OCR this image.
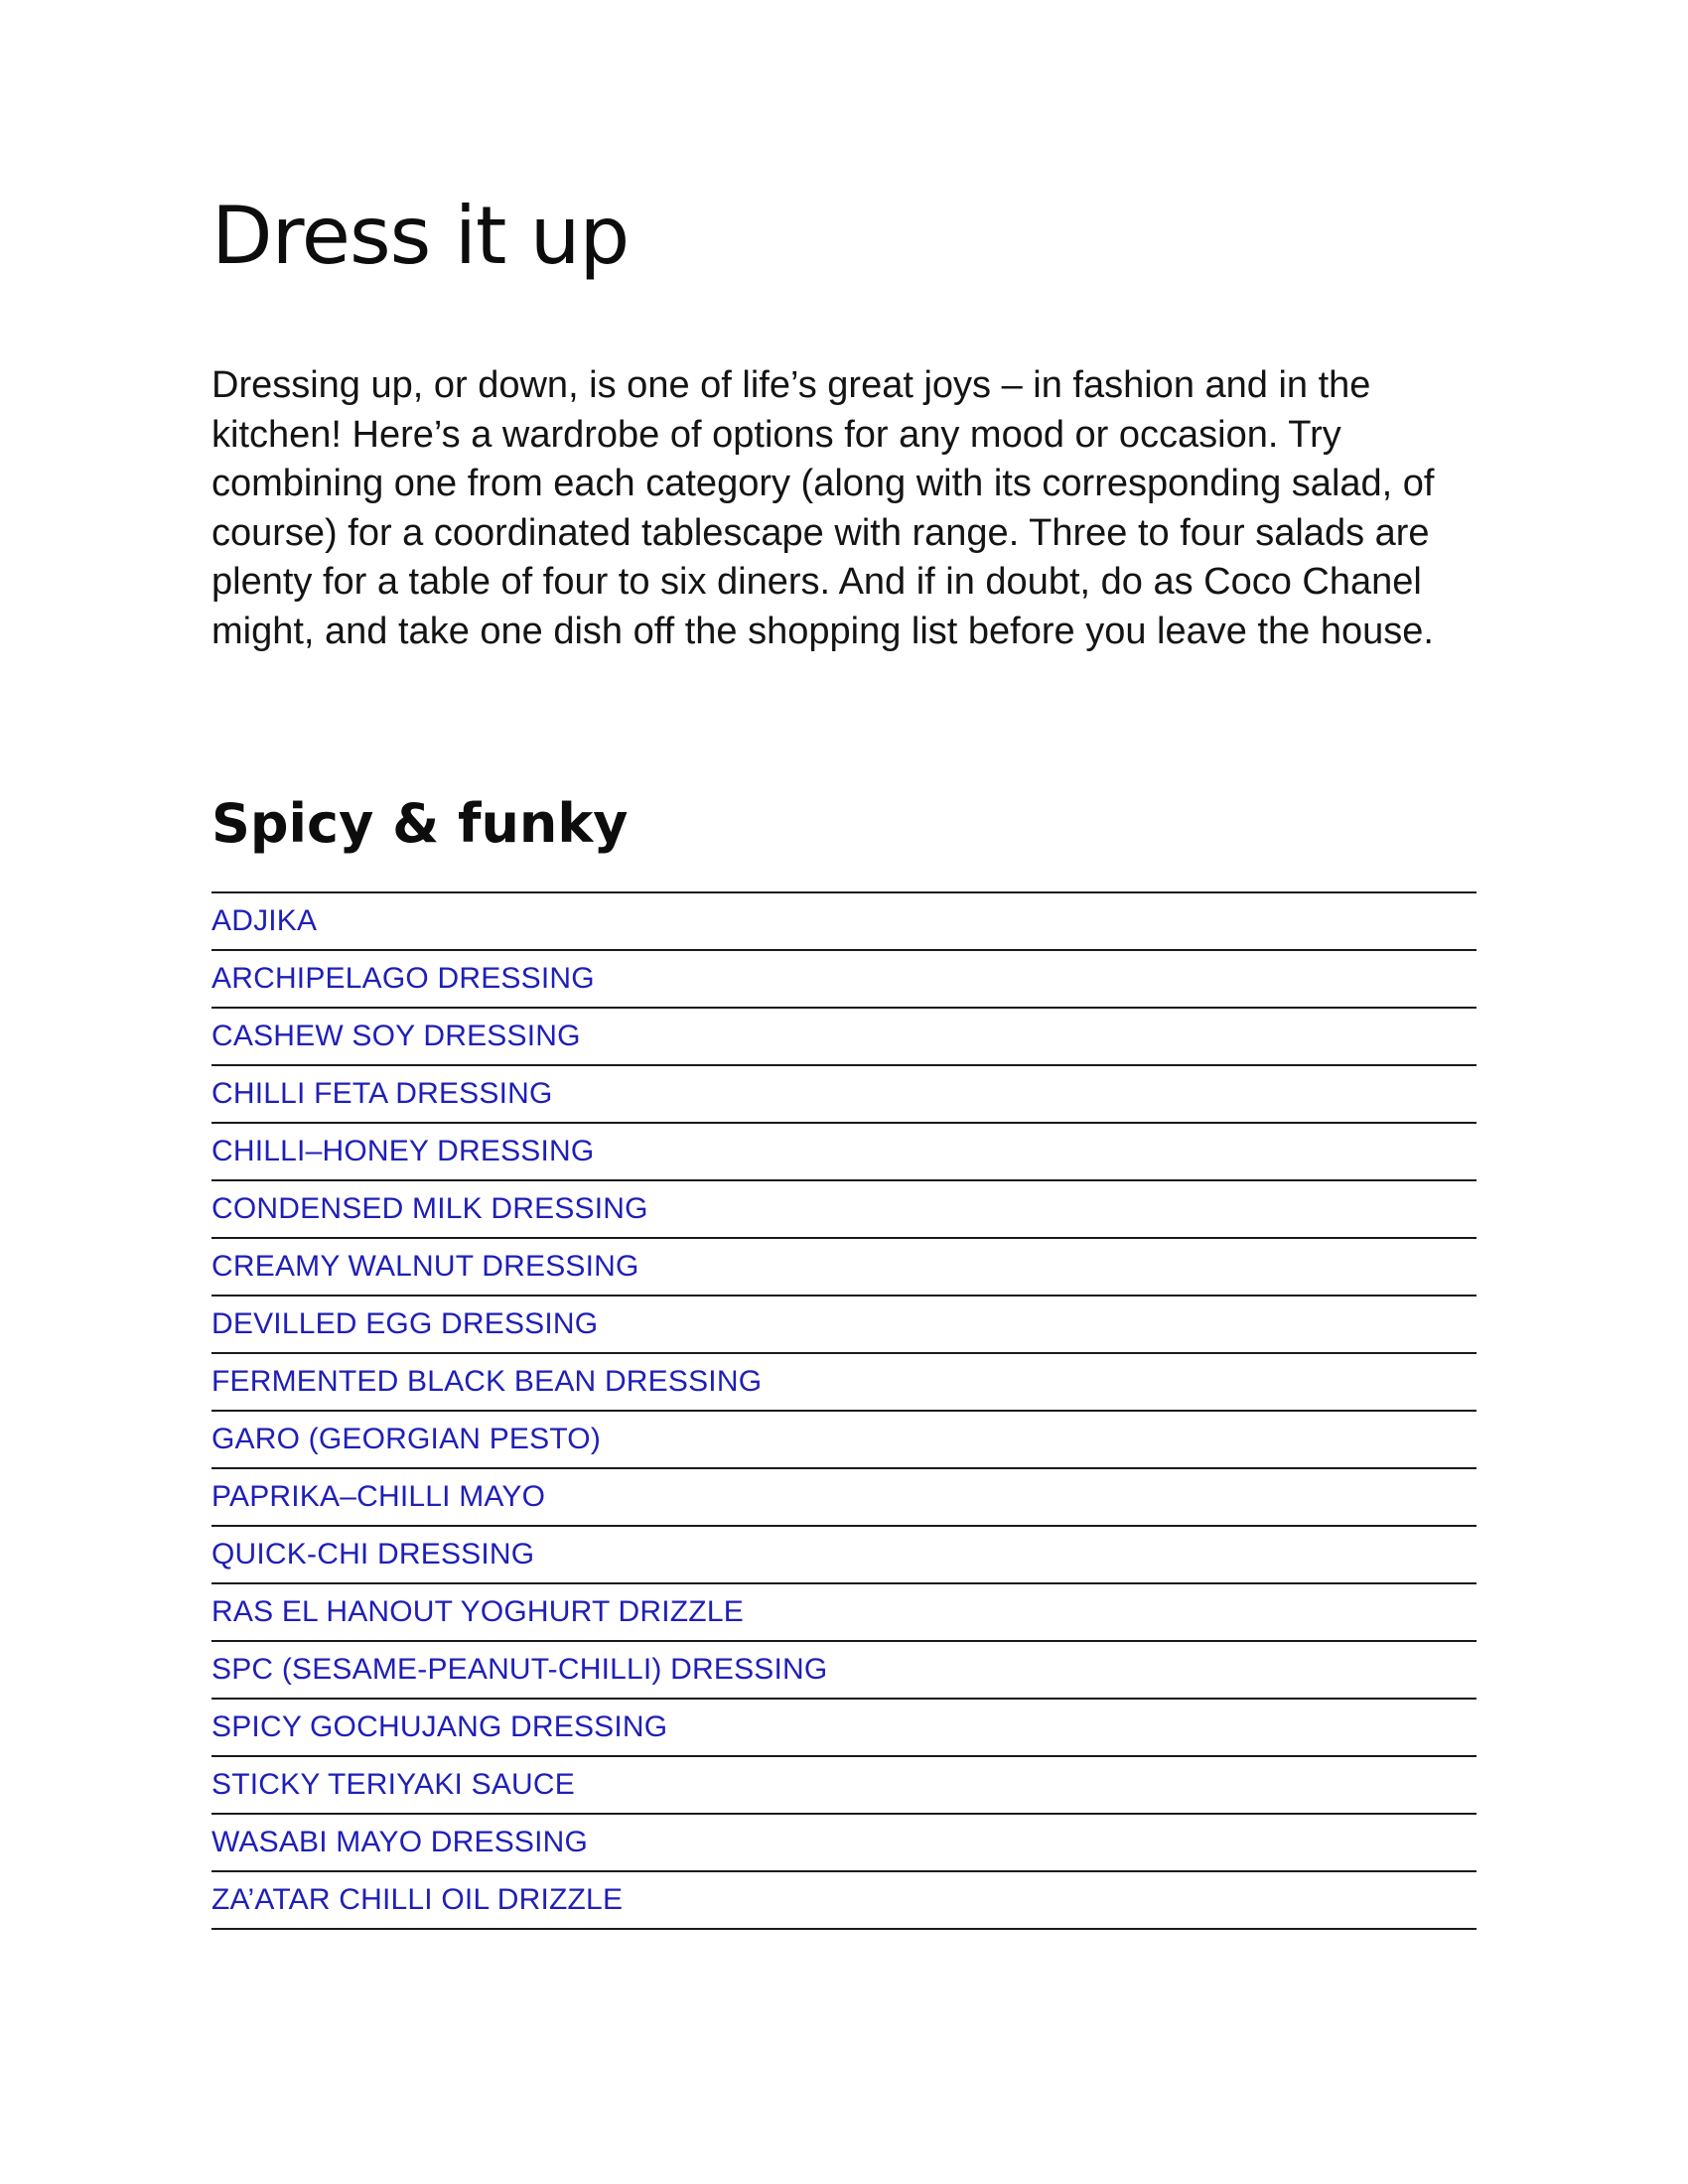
Dress it up

Dressing up, or down, is one of life’s great joys – in fashion and in the kitchen! Here’s a wardrobe of options for any mood or occasion. Try combining one from each category (along with its corresponding salad, of course) for a coordinated tablescape with range. Three to four salads are plenty for a table of four to six diners. And if in doubt, do as Coco Chanel might, and take one dish off the shopping list before you leave the house.

Spicy & funky
ADJIKA
ARCHIPELAGO DRESSING
CASHEW SOY DRESSING
CHILLI FETA DRESSING
CHILLI–HONEY DRESSING
CONDENSED MILK DRESSING
CREAMY WALNUT DRESSING
DEVILLED EGG DRESSING
FERMENTED BLACK BEAN DRESSING
GARO (GEORGIAN PESTO)
PAPRIKA–CHILLI MAYO
QUICK-CHI DRESSING
RAS EL HANOUT YOGHURT DRIZZLE
SPC (SESAME-PEANUT-CHILLI) DRESSING
SPICY GOCHUJANG DRESSING
STICKY TERIYAKI SAUCE
WASABI MAYO DRESSING
ZA’ATAR CHILLI OIL DRIZZLE
